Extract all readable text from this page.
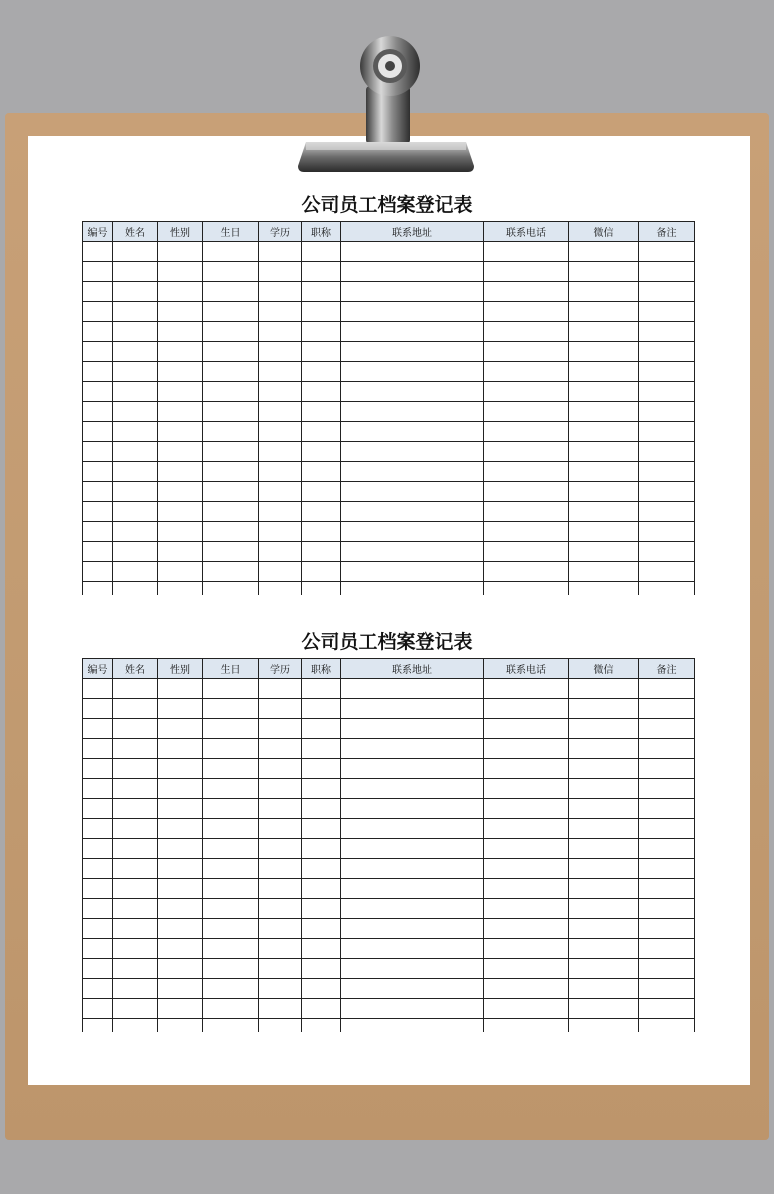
公司员工档案登记表
编号	姓名	性别	生日	学历	职称	联系地址	联系电话	微信	备注

公司员工档案登记表
编号	姓名	性别	生日	学历	职称	联系地址	联系电话	微信	备注
